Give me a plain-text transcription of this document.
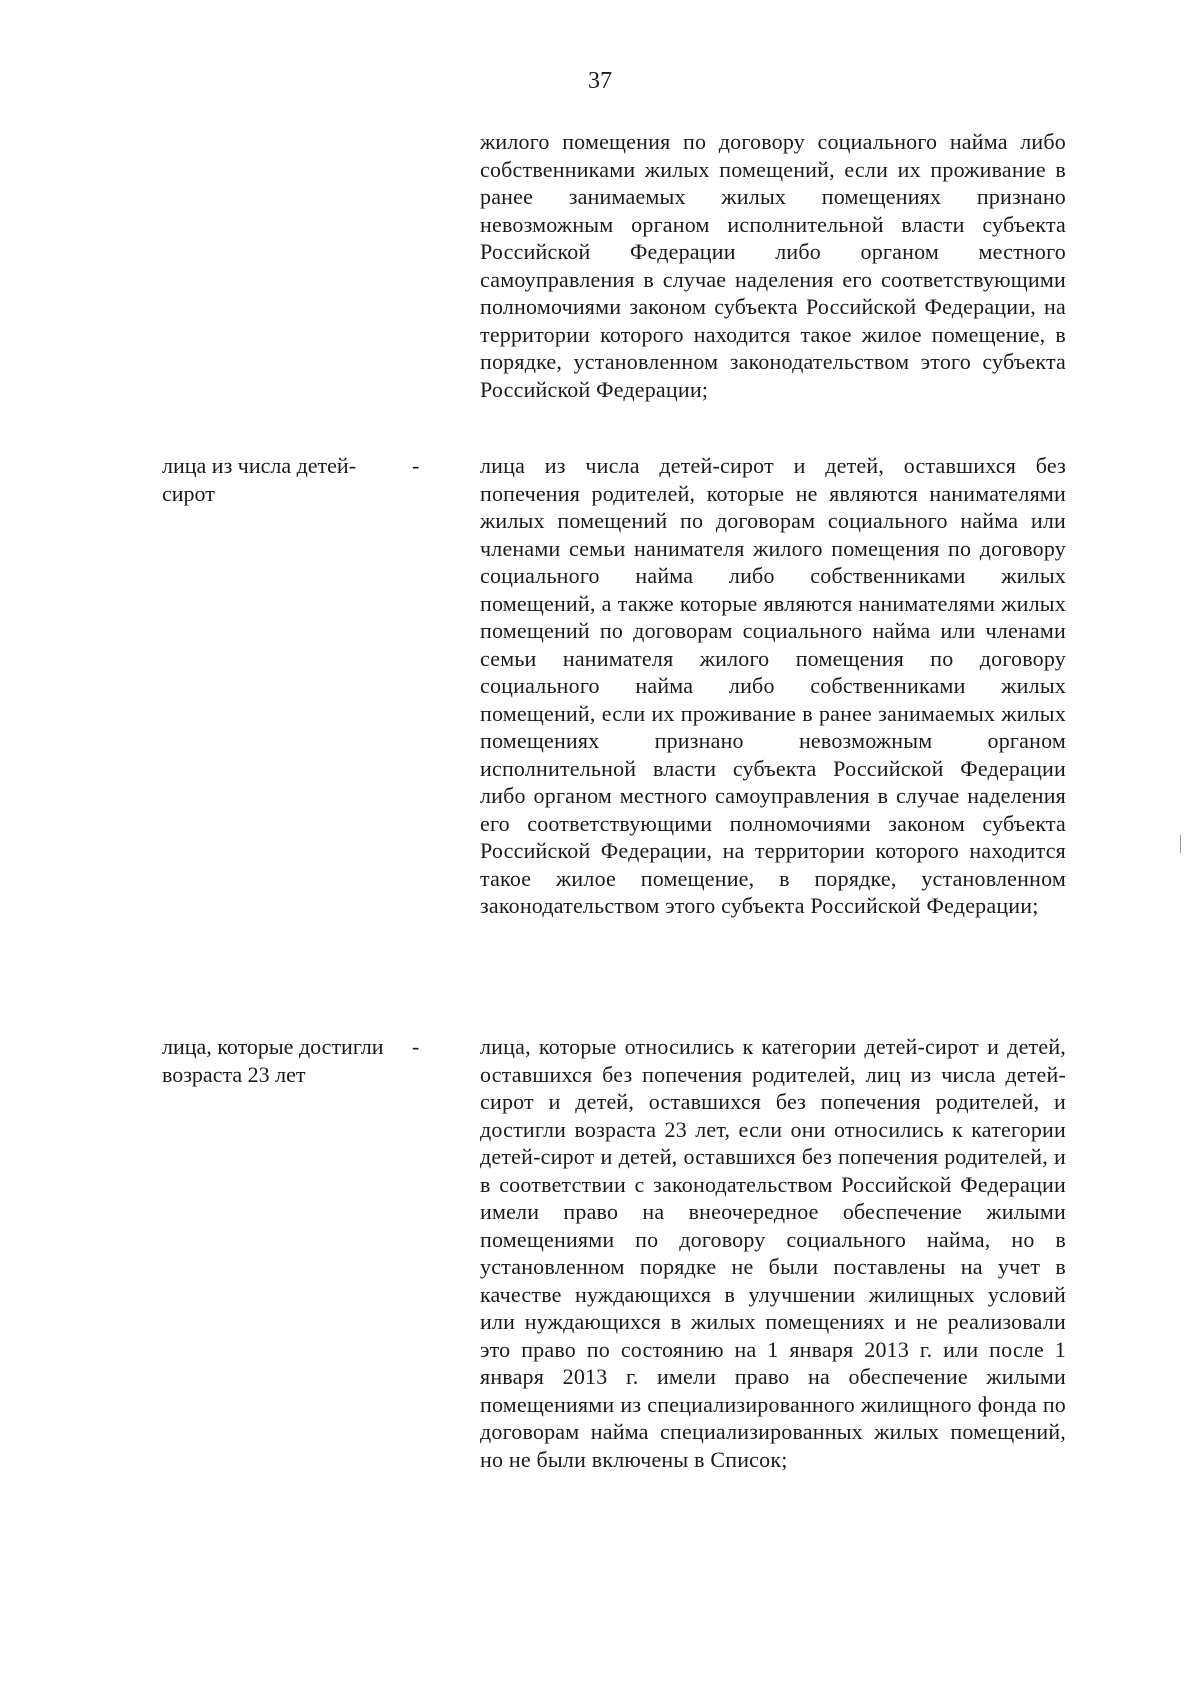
37
жилого помещения по договору социального найма либо собственниками жилых помещений, если их проживание в ранее занимаемых жилых помещениях признано невозможным органом исполнительной власти субъекта Российской Федерации либо органом местного самоуправления в случае наделения его соответствующими полномочиями законом субъекта Российской Федерации, на территории которого находится такое жилое помещение, в порядке, установленном законодательством этого субъекта Российской Федерации;
лица из числа детей-сирот
-	лица из числа детей-сирот и детей, оставшихся без попечения родителей, которые не являются нанимателями жилых помещений по договорам социального найма или членами семьи нанимателя жилого помещения по договору социального найма либо собственниками жилых помещений, а также которые являются нанимателями жилых помещений по договорам социального найма или членами семьи нанимателя жилого помещения по договору социального найма либо собственниками жилых помещений, если их проживание в ранее занимаемых жилых помещениях признано невозможным органом исполнительной власти субъекта Российской Федерации либо органом местного самоуправления в случае наделения его соответствующими полномочиями законом субъекта Российской Федерации, на территории которого находится такое жилое помещение, в порядке, установленном законодательством этого субъекта Российской Федерации;
лица, которые достигли возраста 23 лет
-	лица, которые относились к категории детей-сирот и детей, оставшихся без попечения родителей, лиц из числа детей-сирот и детей, оставшихся без попечения родителей, и достигли возраста 23 лет, если они относились к категории детей-сирот и детей, оставшихся без попечения родителей, и в соответствии с законодательством Российской Федерации имели право на внеочередное обеспечение жилыми помещениями по договору социального найма, но в установленном порядке не были поставлены на учет в качестве нуждающихся в улучшении жилищных условий или нуждающихся в жилых помещениях и не реализовали это право по состоянию на 1 января 2013 г. или после 1 января 2013 г. имели право на обеспечение жилыми помещениями из специализированного жилищного фонда по договорам найма специализированных жилых помещений, но не были включены в Список;
